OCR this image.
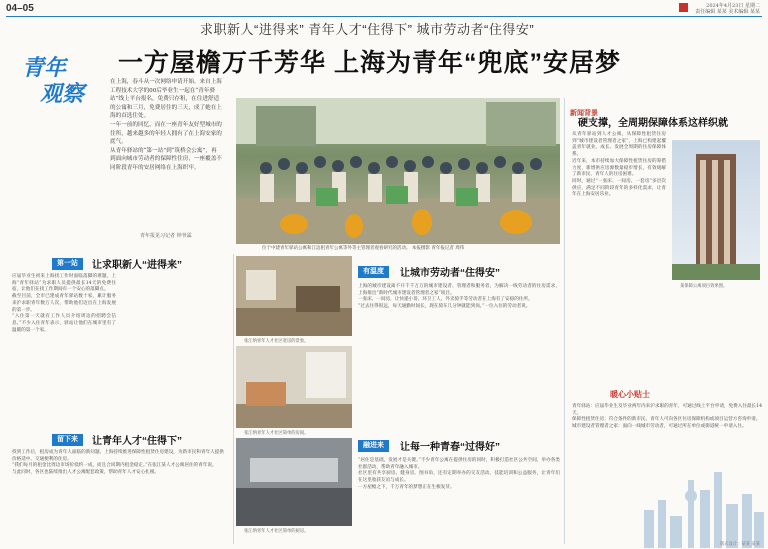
04–05	2024年4月23日 星期二
责任编辑 某某 美术编辑 某某
青年
观察
求职新人“进得来” 青年人才“住得下” 城市劳动者“住得安”
一方屋檐万千芳华 上海为青年“兜底”安居梦
在上海，春斗从一次网络申请开始。来自上海工程技术大学的00后毕业生一起在“青年驿站”线上平台报名，免费只存租，在住进舒适的公寓和三月，免费居住的三天，成了她在上海的首选住处。
一年一前的回忆，而在一座青年友好型城市的住所，越来越多的年轻人拥有了在上海安家的底气。
从青年驿站的“第一站”到“筑桥会公寓”，再到面向城市劳动者的保障性住房，一座覆盖不同阶段青年的安居网络在上海织牢。
青年报见习记者 钟爷霖
位于中建青年驿站公寓和江边租青年公寓等外等主管理者观看研究的活动。 本报摄影 青年报记者 周伟
第一站	让求职新人“进得来”
应届毕业生初来上海找工作时面临落脚的难题。上海“青年驿站”为求职人员提供最长14天的免费住宿，让他们在找工作期间有一个安心的落脚点。
截至目前，全市已建成青年驿站数十家，累计服务来沪求职青年数万人次，帮助他们迈出在上海发展的第一步。
“入住第一天就有工作人员介绍周边的招聘会信息。”不少入住青年表示，驿站让他们在城市里有了温暖的第一个家。

张江纳青年人才社区宽房的景象。
张江纳青年人才社区简单的房间。
张江纳青年人才社区简单的厨房。
留下来	让青年人才“住得下”
找到工作后，租房成为青年人面临的新问题。上海持续推进保障性租赁住房建设，为新市民和青年人提供价格适中、交通便利的住房。
“我们每月的租金比周边市场价低约一成，而且合同期内租金稳定。”在张江某人才公寓居住的青年说。
与此同时，各区也陆续推出人才公寓配套政策，帮助青年人才安心扎根。
有温度	让城市劳动者“住得安”
上海的城市建设离不开千千万万的城市建设者、管理者和服务者。为解决一线劳动者的住房需求，上海推出“新时代城市建设者管理者之家”项目。
一张床、一间房，让快递小哥、环卫工人、外卖骑手等劳动者在上海有了安稳的住所。
“过去住得很远，每天通勤时间长，现在骑车几分钟就能到岗。”一位入住的劳动者说。
融进来	让每一种青春“过得好”
“居住是基础，发展才是关键。”不少青年公寓在提供住房的同时，积极打造社区公共空间，举办各类社群活动，帮助青年融入城市。
社区里有共享厨房、健身房、图书角，还有定期举办的交友活动、技能培训和公益服务，让青年们在这里收获友谊与成长。
一方屋檐之下，千万青年的梦想正在生根发芽。
新闻背景
硬支撑，全周期保障体系这样织就
从青年驿站到人才公寓，从保障性租赁住房到“城市建设者管理者之家”，上海已构建起覆盖青年就业、成长、发展全周期的住房保障体系。
近年来，本市持续加大保障性租赁住房的筹措力度，新增供应房源数量稳步增长，有效缓解了新市民、青年人的住房困难。
同时，通过“一张床、一间房、一套房”多层次供应，满足不同阶段青年的多样化需求，让青年在上海安居乐业。
某保障公寓项目效果图。
暖心小贴士
青年驿站：应届毕业生及毕业两年内来沪求职的青年，可通过线上平台申请，免费入住最长14天。
保障性租赁住房：符合条件的新市民、青年人可向各区住房保障机构或项目运营方咨询申请。
城市建设者管理者之家：面向一线城市劳动者，可通过所在单位或街道统一申请入住。
版式设计：某某 某某
